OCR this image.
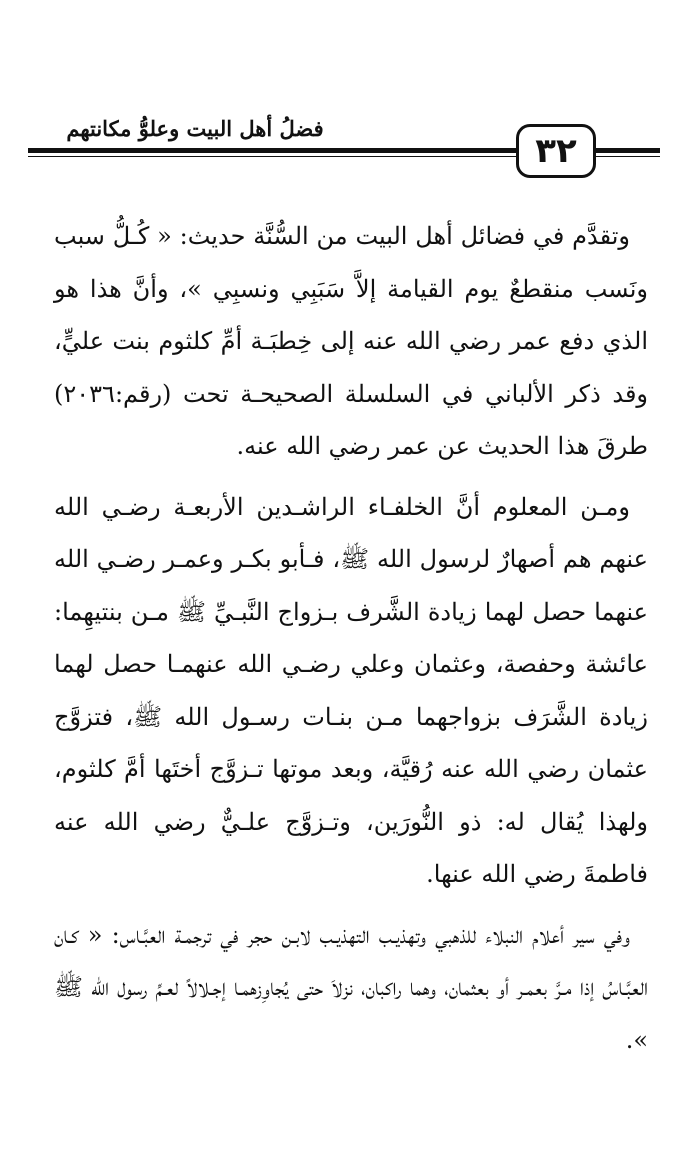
فضلُ أهل البيت وعلوُّ مكانتهم
٣٢

وتقدَّم في فضائل أهل البيت من السُّنَّة حديث: « كُـلُّ سبب ونَسب منقطعٌ يوم القيامة إلاَّ سَبَبِي ونسبِي »، وأنَّ هذا هو الذي دفع عمر رضي الله عنه إلى خِطبَـة أمِّ كلثوم بنت عليٍّ، وقد ذكر الألباني في السلسلة الصحيحـة تحت (رقم:٢٠٣٦) طرقَ هذا الحديث عن عمر رضي الله عنه.

ومـن المعلوم أنَّ الخلفـاء الراشـدين الأربعـة رضـي الله عنهم هم أصهارٌ لرسول الله ﷺ، فـأبو بكـر وعمـر رضـي الله عنهما حصل لهما زيادة الشَّرف بـزواج النَّبـيِّ ﷺ مـن بنتيهِما: عائشة وحفصة، وعثمان وعلي رضـي الله عنهمـا حصل لهما زيادة الشَّرَف بزواجهما مـن بنـات رسـول الله ﷺ، فتزوَّج عثمان رضي الله عنه رُقيَّة، وبعد موتها تـزوَّج أختَها أمَّ كلثوم، ولهذا يُقال له: ذو النُّورَين، وتـزوَّج علـيٌّ رضي الله عنه فاطمةَ رضي الله عنها.

وفي سير أعلام النبلاء للذهبي وتهذيـب التهذيـب لابـن حجر في ترجمـة العبَّـاس: « كـان العبَّـاسُ إذا مـرَّ بعمـر أو بعثمان، وهما راكبان، نزلاَ حتى يُجاوِزهمـا إجـلالاً لعـمِّ رسول الله ﷺ ».
